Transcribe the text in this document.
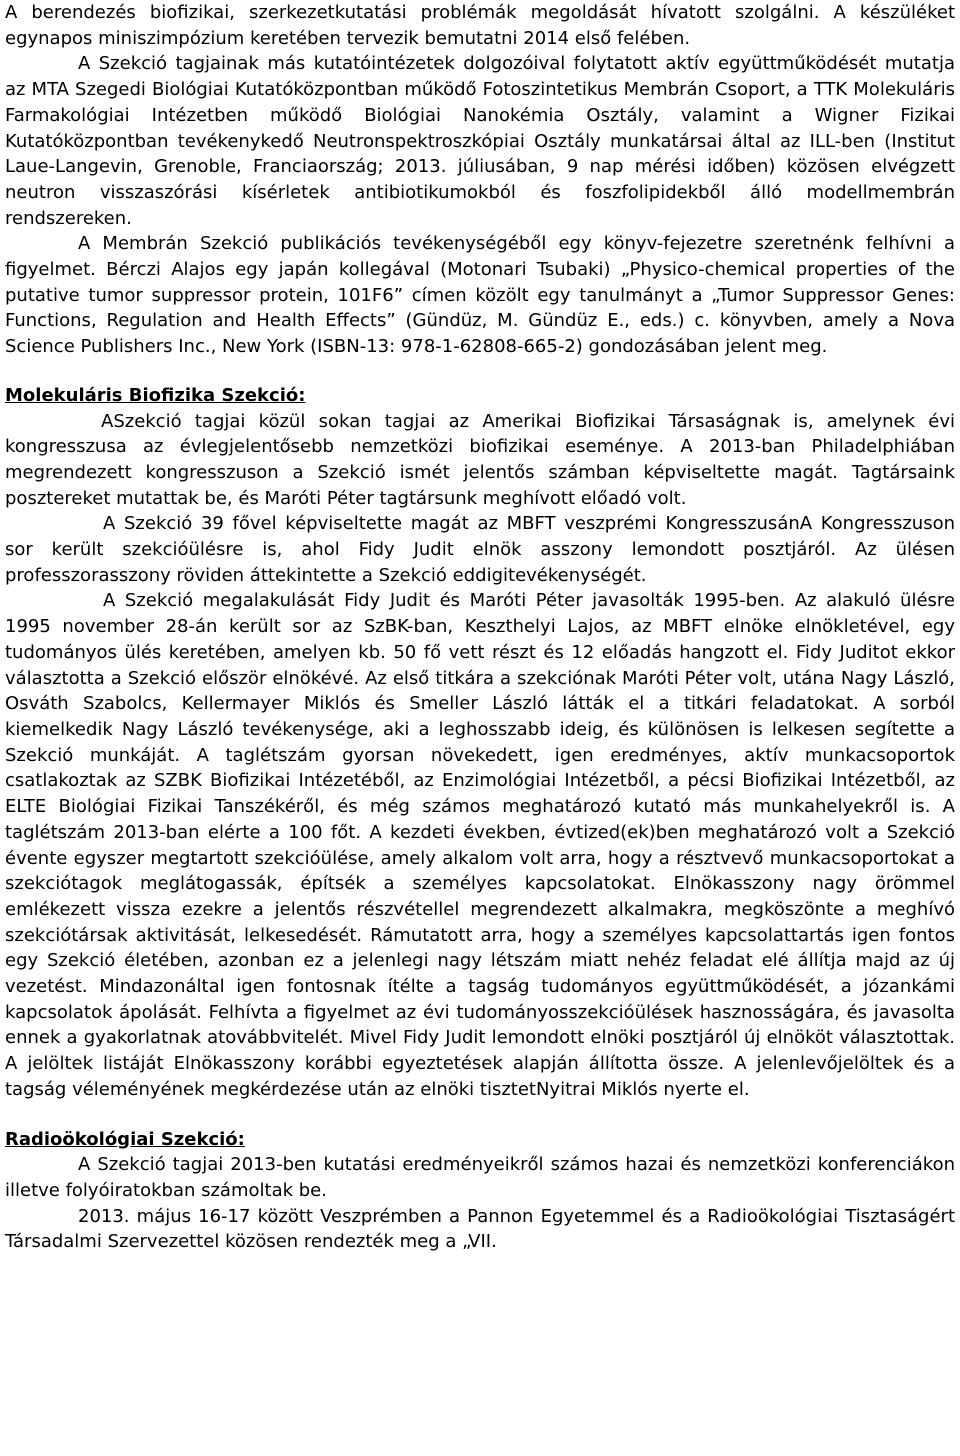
A berendezés biofizikai, szerkezetkutatási problémák megoldását hívatott szolgálni. A készüléket egynapos miniszimpózium keretében tervezik bemutatni 2014 első felében.

A Szekció tagjainak más kutatóintézetek dolgozóival folytatott aktív együttműködését mutatja az MTA Szegedi Biológiai Kutatóközpontban működő Fotoszintetikus Membrán Csoport, a TTK Molekuláris Farmakológiai Intézetben működő Biológiai Nanokémia Osztály, valamint a Wigner Fizikai Kutatóközpontban tevékenykedő Neutronspektroszkópiai Osztály munkatársai által az ILL-ben (Institut Laue-Langevin, Grenoble, Franciaország; 2013. júliusában, 9 nap mérési időben) közösen elvégzett neutron visszaszórási kísérletek antibiotikumokból és foszfolipidekből álló modellmembrán rendszereken.

A Membrán Szekció publikációs tevékenységéből egy könyv-fejezetre szeretnénk felhívni a figyelmet. Bérczi Alajos egy japán kollegával (Motonari Tsubaki) „Physico-chemical properties of the putative tumor suppressor protein, 101F6” címen közölt egy tanulmányt a „Tumor Suppressor Genes: Functions, Regulation and Health Effects” (Gündüz, M. Gündüz E., eds.) c. könyvben, amely a Nova Science Publishers Inc., New York (ISBN-13: 978-1-62808-665-2) gondozásában jelent meg.

Molekuláris Biofizika Szekció:

ASzekció tagjai közül sokan tagjai az Amerikai Biofizikai Társaságnak is, amelynek évi kongresszusa az évlegjelentősebb nemzetközi biofizikai eseménye. A 2013-ban Philadelphiában megrendezett kongresszuson a Szekció ismét jelentős számban képviseltette magát. Tagtársaink posztereket mutattak be, és Maróti Péter tagtársunk meghívott előadó volt.

A Szekció 39 fővel képviseltette magát az MBFT veszprémi KongresszusánA Kongresszuson sor került szekcióülésre is, ahol Fidy Judit elnök asszony lemondott posztjáról. Az ülésen professzorasszony röviden áttekintette a Szekció eddigitevékenységét.

A Szekció megalakulását Fidy Judit és Maróti Péter javasolták 1995-ben. Az alakuló ülésre 1995 november 28-án került sor az SzBK-ban, Keszthelyi Lajos, az MBFT elnöke elnökletével, egy tudományos ülés keretében, amelyen kb. 50 fő vett részt és 12 előadás hangzott el. Fidy Juditot ekkor választotta a Szekció először elnökévé. Az első titkára a szekciónak Maróti Péter volt, utána Nagy László, Osváth Szabolcs, Kellermayer Miklós és Smeller László látták el a titkári feladatokat. A sorból kiemelkedik Nagy László tevékenysége, aki a leghosszabb ideig, és különösen is lelkesen segítette a Szekció munkáját. A taglétszám gyorsan növekedett, igen eredményes, aktív munkacsoportok csatlakoztak az SZBK Biofizikai Intézetéből, az Enzimológiai Intézetből, a pécsi Biofizikai Intézetből, az ELTE Biológiai Fizikai Tanszékéről, és még számos meghatározó kutató más munkahelyekről is. A taglétszám 2013-ban elérte a 100 főt. A kezdeti években, évtized(ek)ben meghatározó volt a Szekció évente egyszer megtartott szekcióülése, amely alkalom volt arra, hogy a résztvevő munkacsoportokat a szekciótagok meglátogassák, építsék a személyes kapcsolatokat. Elnökasszony nagy örömmel emlékezett vissza ezekre a jelentős részvétellel megrendezett alkalmakra, megköszönte a meghívó szekciótársak aktivitását, lelkesedését. Rámutatott arra, hogy a személyes kapcsolattartás igen fontos egy Szekció életében, azonban ez a jelenlegi nagy létszám miatt nehéz feladat elé állítja majd az új vezetést. Mindazonáltal igen fontosnak ítélte a tagság tudományos együttműködését, a józankámi kapcsolatok ápolását. Felhívta a figyelmet az évi tudományosszekcióülések hasznosságára, és javasolta ennek a gyakorlatnak atovábbvitelét. Mivel Fidy Judit lemondott elnöki posztjáról új elnököt választottak. A jelöltek listáját Elnökasszony korábbi egyeztetések alapján állította össze. A jelenlevőjelöltek és a tagság véleményének megkérdezése után az elnöki tisztetNyitrai Miklós nyerte el.

Radioökológiai Szekció:

A Szekció tagjai 2013-ben kutatási eredményeikről számos hazai és nemzetközi konferenciákon illetve folyóiratokban számoltak be.

2013. május 16-17 között Veszprémben a Pannon Egyetemmel és a Radioökológiai Tisztaságért Társadalmi Szervezettel közösen rendezték meg a „VII.
